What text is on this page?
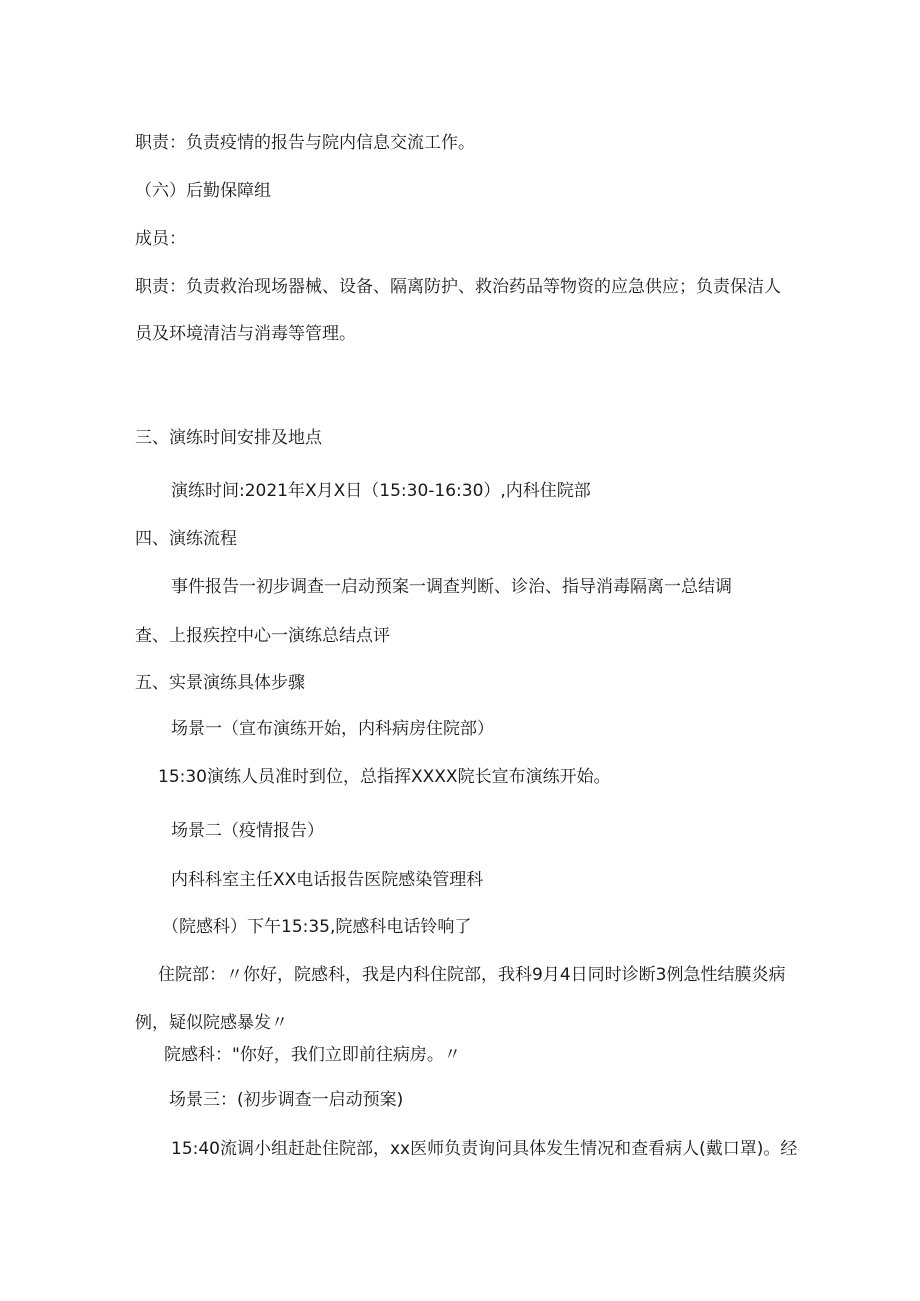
职责：负责疫情的报告与院内信息交流工作。
（六）后勤保障组
成员：
职责：负责救治现场器械、设备、隔离防护、救治药品等物资的应急供应；负责保洁人
员及环境清洁与消毒等管理。
三、演练时间安排及地点
演练时间:2021年X月X日（15:30-16:30）,内科住院部
四、演练流程
事件报告一初步调查一启动预案一调查判断、诊治、指导消毒隔离一总结调
查、上报疾控中心一演练总结点评
五、实景演练具体步骤
场景一（宣布演练开始，内科病房住院部）
15:30演练人员准时到位，总指挥XXXX院长宣布演练开始。
场景二（疫情报告）
内科科室主任XX电话报告医院感染管理科
（院感科）下午15:35,院感科电话铃响了
住院部：〃你好，院感科，我是内科住院部，我科9月4日同时诊断3例急性结膜炎病
例，疑似院感暴发〃
院感科："你好，我们立即前往病房。〃
场景三：(初步调查一启动预案)
15:40流调小组赶赴住院部，xx医师负责询问具体发生情况和查看病人(戴口罩)。经
